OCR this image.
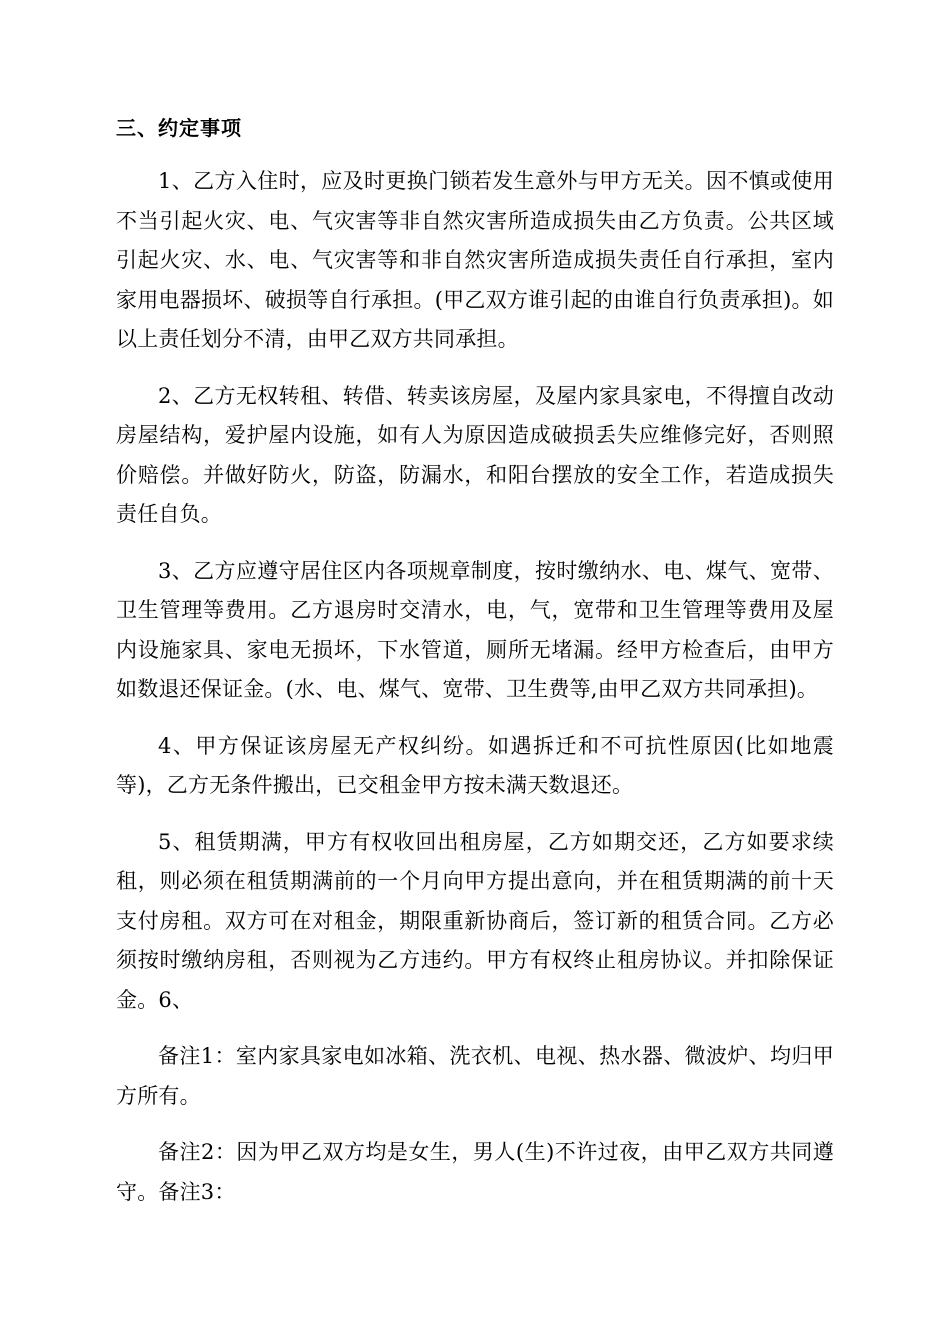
三、约定事项

1、乙方入住时，应及时更换门锁若发生意外与甲方无关。因不慎或使用不当引起火灾、电、气灾害等非自然灾害所造成损失由乙方负责。公共区域引起火灾、水、电、气灾害等和非自然灾害所造成损失责任自行承担，室内家用电器损坏、破损等自行承担。(甲乙双方谁引起的由谁自行负责承担)。如以上责任划分不清，由甲乙双方共同承担。

2、乙方无权转租、转借、转卖该房屋，及屋内家具家电，不得擅自改动房屋结构，爱护屋内设施，如有人为原因造成破损丢失应维修完好，否则照价赔偿。并做好防火，防盗，防漏水，和阳台摆放的安全工作，若造成损失责任自负。

3、乙方应遵守居住区内各项规章制度，按时缴纳水、电、煤气、宽带、卫生管理等费用。乙方退房时交清水，电，气，宽带和卫生管理等费用及屋内设施家具、家电无损坏，下水管道，厕所无堵漏。经甲方检查后，由甲方如数退还保证金。(水、电、煤气、宽带、卫生费等,由甲乙双方共同承担)。

4、甲方保证该房屋无产权纠纷。如遇拆迁和不可抗性原因(比如地震等)，乙方无条件搬出，已交租金甲方按未满天数退还。

5、租赁期满，甲方有权收回出租房屋，乙方如期交还，乙方如要求续租，则必须在租赁期满前的一个月向甲方提出意向，并在租赁期满的前十天支付房租。双方可在对租金，期限重新协商后，签订新的租赁合同。乙方必须按时缴纳房租，否则视为乙方违约。甲方有权终止租房协议。并扣除保证金。6、

备注1：室内家具家电如冰箱、洗衣机、电视、热水器、微波炉、均归甲方所有。

备注2：因为甲乙双方均是女生，男人(生)不许过夜，由甲乙双方共同遵守。备注3：
